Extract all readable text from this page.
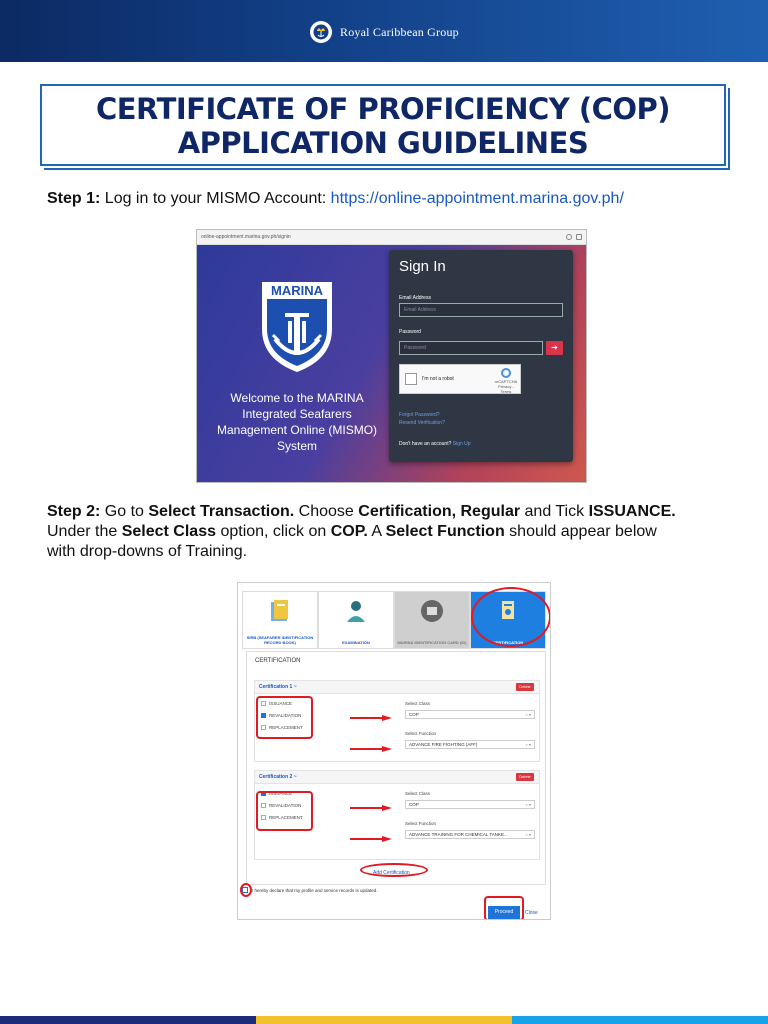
Royal Caribbean Group
CERTIFICATE OF PROFICIENCY (COP)
APPLICATION GUIDELINES
Step 1: Log in to your MISMO Account: https://online-appointment.marina.gov.ph/
online-appointment.marina.gov.ph/signin
MARINA
Welcome to the MARINA Integrated Seafarers Management Online (MISMO) System
Sign In
Email Address
Email Address
Password
Password	➜
I'm not a robot	reCAPTCHA
Privacy - Terms
Forgot Password?
Resend Verification?
Don't have an account? Sign Up
Step 2: Go to Select Transaction. Choose Certification, Regular and Tick ISSUANCE.
Under the Select Class option, click on COP. A Select Function should appear below
with drop-downs of Training.
SIRB (SEAFARER IDENTIFICATION RECORD BOOK)	EXAMINATION	MARINA IDENTIFICATION CARD (ID)	CERTIFICATION
CERTIFICATION
Certification 1 ~	Delete
ISSUANCE
REVALIDATION
REPLACEMENT
Select Class
COP × ▾
Select Function
ADVANCE FIRE FIGHTING (AFF) × ▾
Certification 2 ~	Delete
ISSUANCE
REVALIDATION
REPLACEMENT
Select Class
COP × ▾
Select Function
ADVANCE TRAINING FOR CHEMICAL TANKE... × ▾
Add Certification
I hereby declare that my profile and service records is updated.
Proceed	Close
